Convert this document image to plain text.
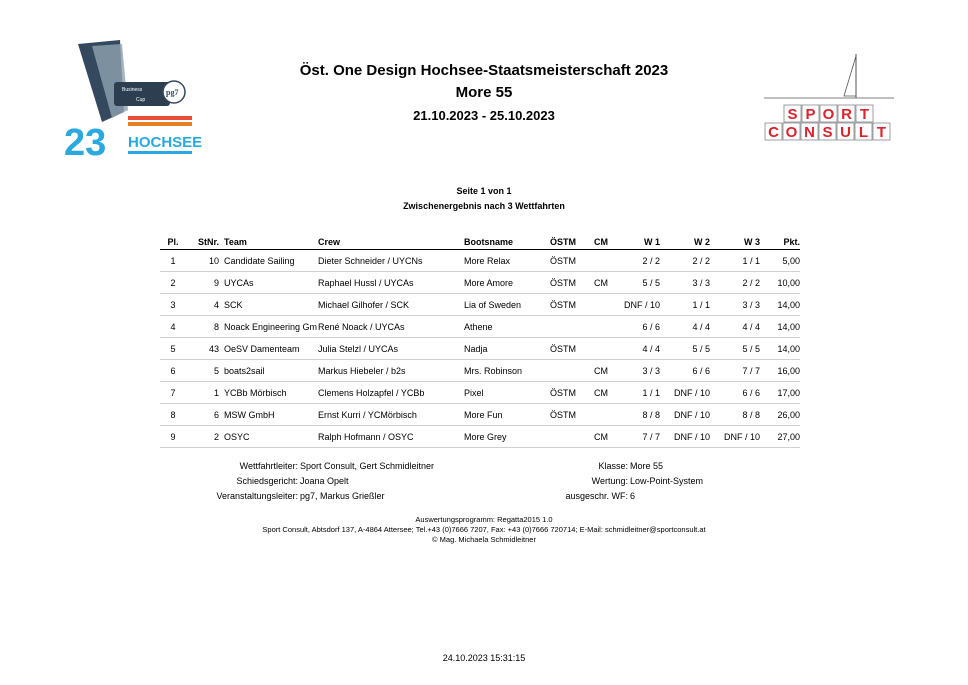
Business
Cup
pg7
23 HOCHSEE
Öst. One Design Hochsee-Staatsmeisterschaft 2023
More 55
21.10.2023 - 25.10.2023	S P O R T
C O N S U L T
Seite 1 von 1
Zwischenergebnis nach 3 Wettfahrten
Pl.	StNr.	Team	Crew	Bootsname	ÖSTM	CM	W 1	W 2	W 3	Pkt.
1	10	Candidate Sailing	Dieter Schneider / UYCNs	More Relax	ÖSTM		2 / 2	2 / 2	1 / 1	5,00
2	9	UYCAs	Raphael Hussl / UYCAs	More Amore	ÖSTM	CM	5 / 5	3 / 3	2 / 2	10,00
3	4	SCK	Michael Gilhofer / SCK	Lia of Sweden	ÖSTM		DNF / 10	1 / 1	3 / 3	14,00
4	8	Noack Engineering Gm	René Noack / UYCAs	Athene			6 / 6	4 / 4	4 / 4	14,00
5	43	OeSV Damenteam	Julia Stelzl / UYCAs	Nadja	ÖSTM		4 / 4	5 / 5	5 / 5	14,00
6	5	boats2sail	Markus Hiebeler / b2s	Mrs. Robinson		CM	3 / 3	6 / 6	7 / 7	16,00
7	1	YCBb Mörbisch	Clemens Holzapfel / YCBb	Pixel	ÖSTM	CM	1 / 1	DNF / 10	6 / 6	17,00
8	6	MSW GmbH	Ernst Kurri / YCMörbisch	More Fun	ÖSTM		8 / 8	DNF / 10	8 / 8	26,00
9	2	OSYC	Ralph Hofmann / OSYC	More Grey		CM	7 / 7	DNF / 10	DNF / 10	27,00
Wettfahrtleiter: Sport Consult, Gert Schmidleitner
Schiedsgericht: Joana Opelt
Veranstaltungsleiter: pg7, Markus Grießler
Klasse: More 55
Wertung: Low-Point-System
ausgeschr. WF: 6
Auswertungsprogramm: Regatta2015 1.0
Sport Consult, Abtsdorf 137, A-4864 Attersee; Tel.+43 (0)7666 7207, Fax: +43 (0)7666 720714; E-Mail: schmidleitner@sportconsult.at
© Mag. Michaela Schmidleitner
24.10.2023 15:31:15
